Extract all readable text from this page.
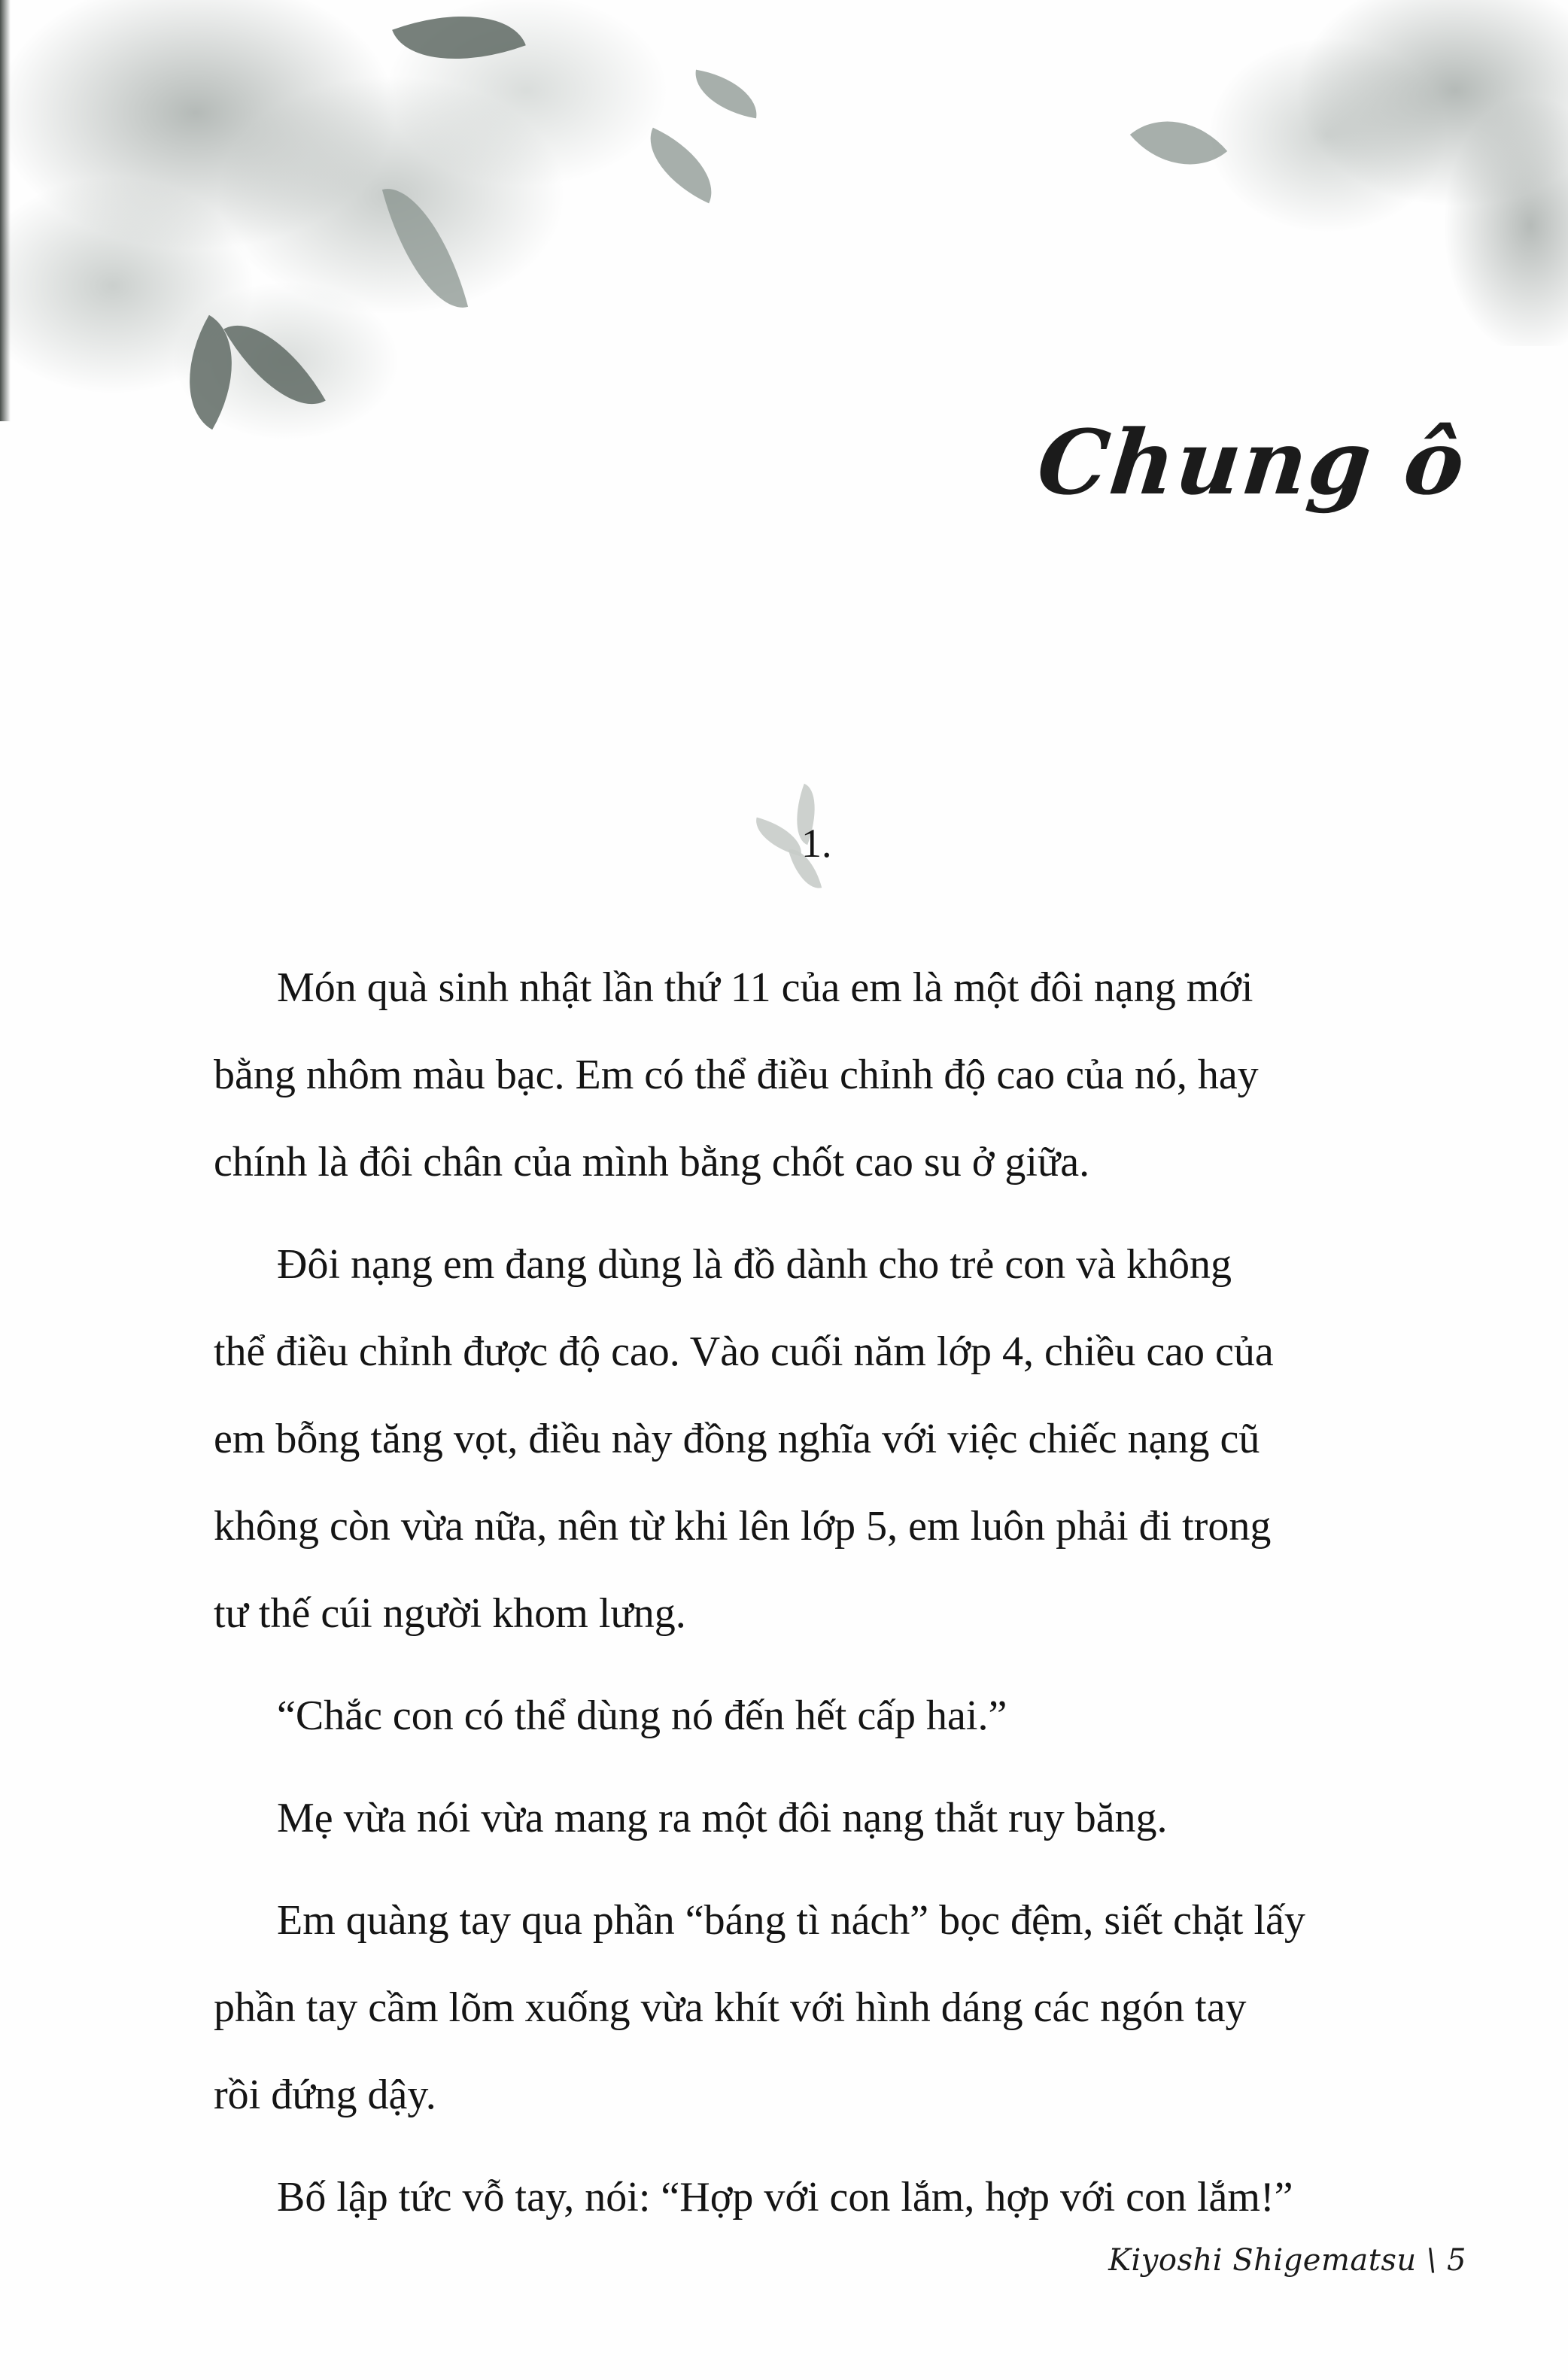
Chung ô
1.
Món quà sinh nhật lần thứ 11 của em là một đôi nạng mới
bằng nhôm màu bạc. Em có thể điều chỉnh độ cao của nó, hay
chính là đôi chân của mình bằng chốt cao su ở giữa.
Đôi nạng em đang dùng là đồ dành cho trẻ con và không
thể điều chỉnh được độ cao. Vào cuối năm lớp 4, chiều cao của
em bỗng tăng vọt, điều này đồng nghĩa với việc chiếc nạng cũ
không còn vừa nữa, nên từ khi lên lớp 5, em luôn phải đi trong
tư thế cúi người khom lưng.
“Chắc con có thể dùng nó đến hết cấp hai.”
Mẹ vừa nói vừa mang ra một đôi nạng thắt ruy băng.
Em quàng tay qua phần “báng tì nách” bọc đệm, siết chặt lấy
phần tay cầm lõm xuống vừa khít với hình dáng các ngón tay
rồi đứng dậy.
Bố lập tức vỗ tay, nói: “Hợp với con lắm, hợp với con lắm!”
Kiyoshi Shigematsu \ 5
